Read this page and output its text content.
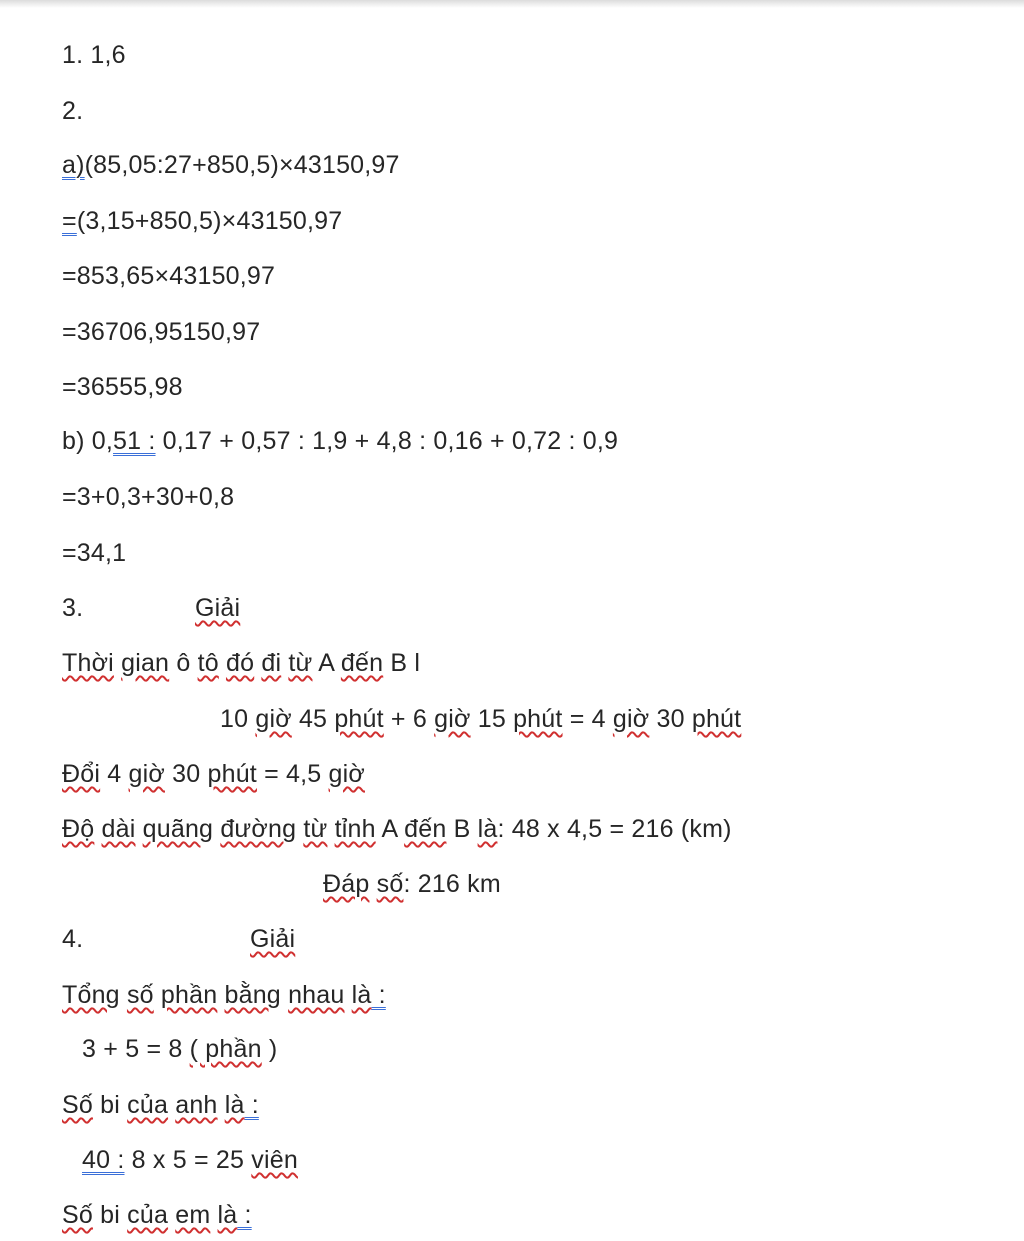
1. 1,6
2.
a)(85,05:27+850,5)×43150,97
=(3,15+850,5)×43150,97
=853,65×43150,97
=36706,95150,97
=36555,98
b) 0,51 : 0,17 + 0,57 : 1,9 + 4,8 : 0,16 + 0,72 : 0,9
=3+0,3+30+0,8
=34,1
3.	Giải
Thời gian ô tô đó đi từ A đến B l
10 giờ 45 phút + 6 giờ 15 phút = 4 giờ 30 phút
Đổi 4 giờ 30 phút = 4,5 giờ
Độ dài quãng đường từ tỉnh A đến B là: 48 x 4,5 = 216 (km)
Đáp số: 216 km
4.	Giải
Tổng số phần bằng nhau là :
3 + 5 = 8 ( phần )
Số bi của anh là :
40 : 8 x 5 = 25 viên
Số bi của em là :
